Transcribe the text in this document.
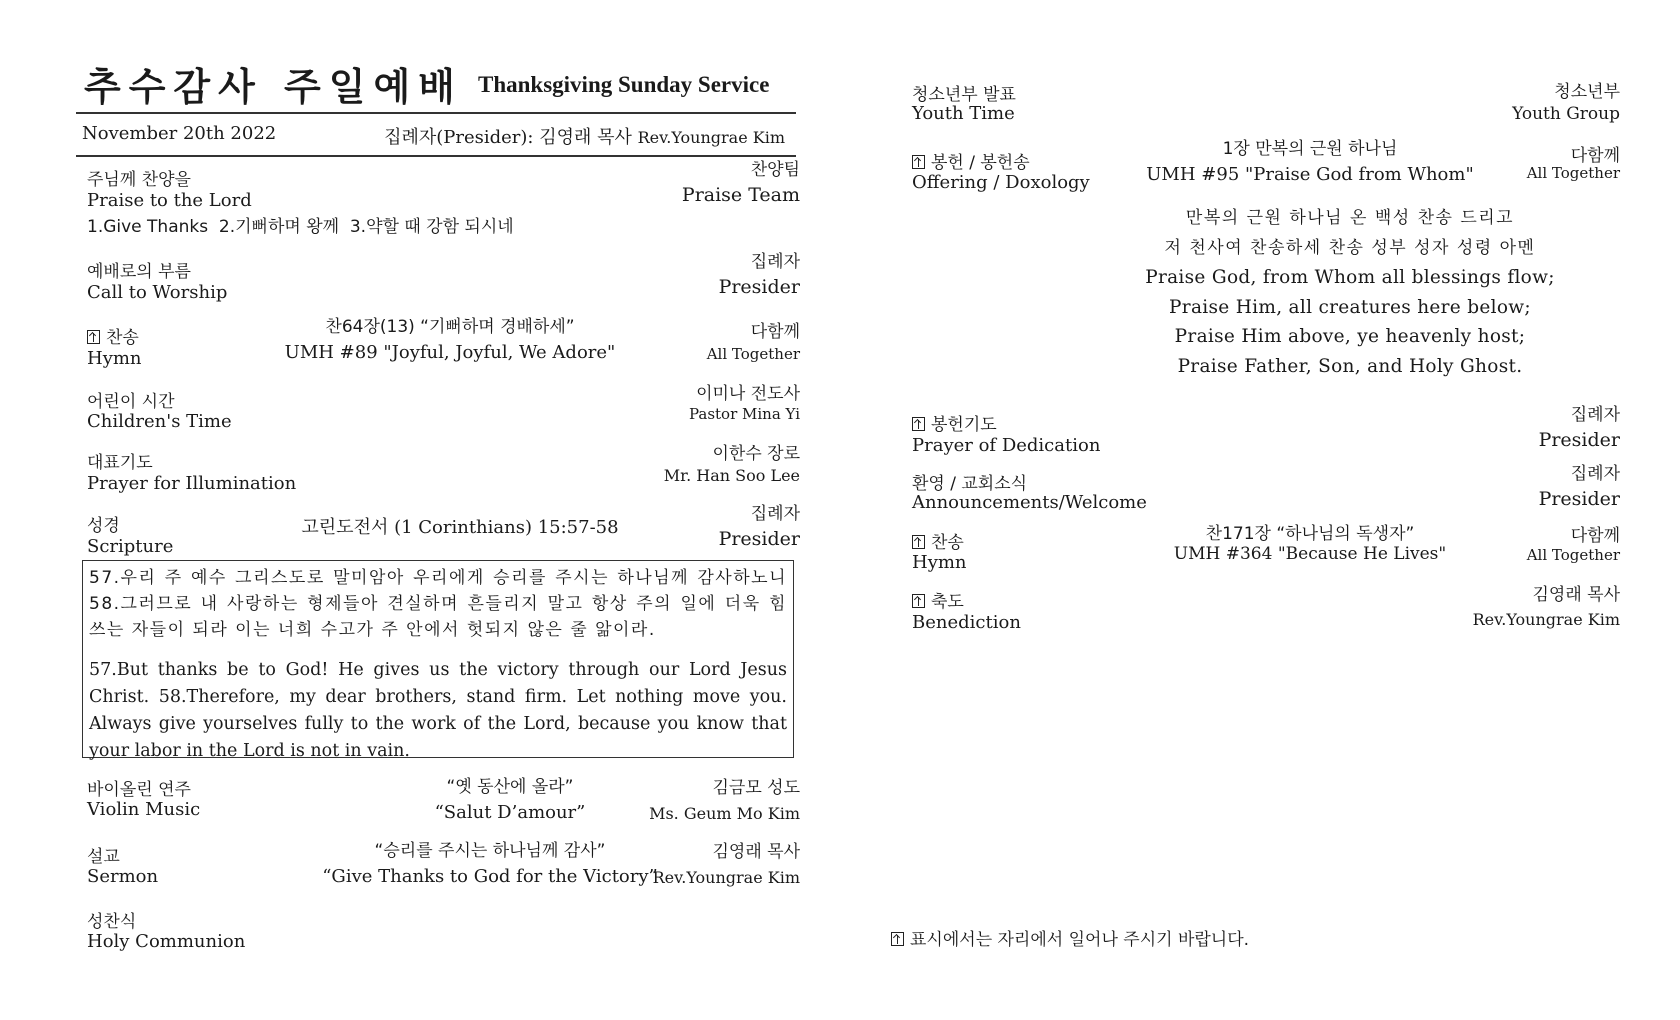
추수감사 주일예배 Thanksgiving Sunday Service
November 20th 2022	집례자(Presider): 김영래 목사 Rev.Youngrae Kim
주님께 찬양을
Praise to the Lord
찬양팀
Praise Team
1.Give Thanks  2.기뻐하며 왕께  3.약할 때 강함 되시네
예배로의 부름
Call to Worship
집례자
Presider
찬송
Hymn
찬64장(13) “기뻐하며 경배하세”
UMH #89 "Joyful, Joyful, We Adore"
다함께
All Together
어린이 시간
Children's Time
이미나 전도사
Pastor Mina Yi
대표기도
Prayer for Illumination
이한수 장로
Mr. Han Soo Lee
성경
Scripture
고린도전서 (1 Corinthians) 15:57-58
집례자
Presider

57.우리 주 예수 그리스도로 말미암아 우리에게 승리를 주시는 하나님께 감사하노니 58.그러므로 내 사랑하는 형제들아 견실하며 흔들리지 말고 항상 주의 일에 더욱 힘쓰는 자들이 되라 이는 너희 수고가 주 안에서 헛되지 않은 줄 앎이라.

57.But thanks be to God! He gives us the victory through our Lord Jesus Christ. 58.Therefore, my dear brothers, stand firm. Let nothing move you. Always give yourselves fully to the work of the Lord, because you know that your labor in the Lord is not in vain.

바이올린 연주
Violin Music
“옛 동산에 올라”
“Salut D’amour”
김금모 성도
Ms. Geum Mo Kim
설교
Sermon
“승리를 주시는 하나님께 감사”
“Give Thanks to God for the Victory”
김영래 목사
Rev.Youngrae Kim
성찬식
Holy Communion
청소년부 발표
Youth Time
청소년부
Youth Group
봉헌 / 봉헌송
Offering / Doxology
1장 만복의 근원 하나님
UMH #95 "Praise God from Whom"
다함께
All Together
만복의 근원 하나님 온 백성 찬송 드리고
저 천사여 찬송하세 찬송 성부 성자 성령 아멘
Praise God, from Whom all blessings flow;
Praise Him, all creatures here below;
Praise Him above, ye heavenly host;
Praise Father, Son, and Holy Ghost.
봉헌기도
Prayer of Dedication
집례자
Presider
환영 / 교회소식
Announcements/Welcome
집례자
Presider
찬송
Hymn
찬171장 “하나님의 독생자”
UMH #364 "Because He Lives"
다함께
All Together
축도
Benediction
김영래 목사
Rev.Youngrae Kim
표시에서는 자리에서 일어나 주시기 바랍니다.
